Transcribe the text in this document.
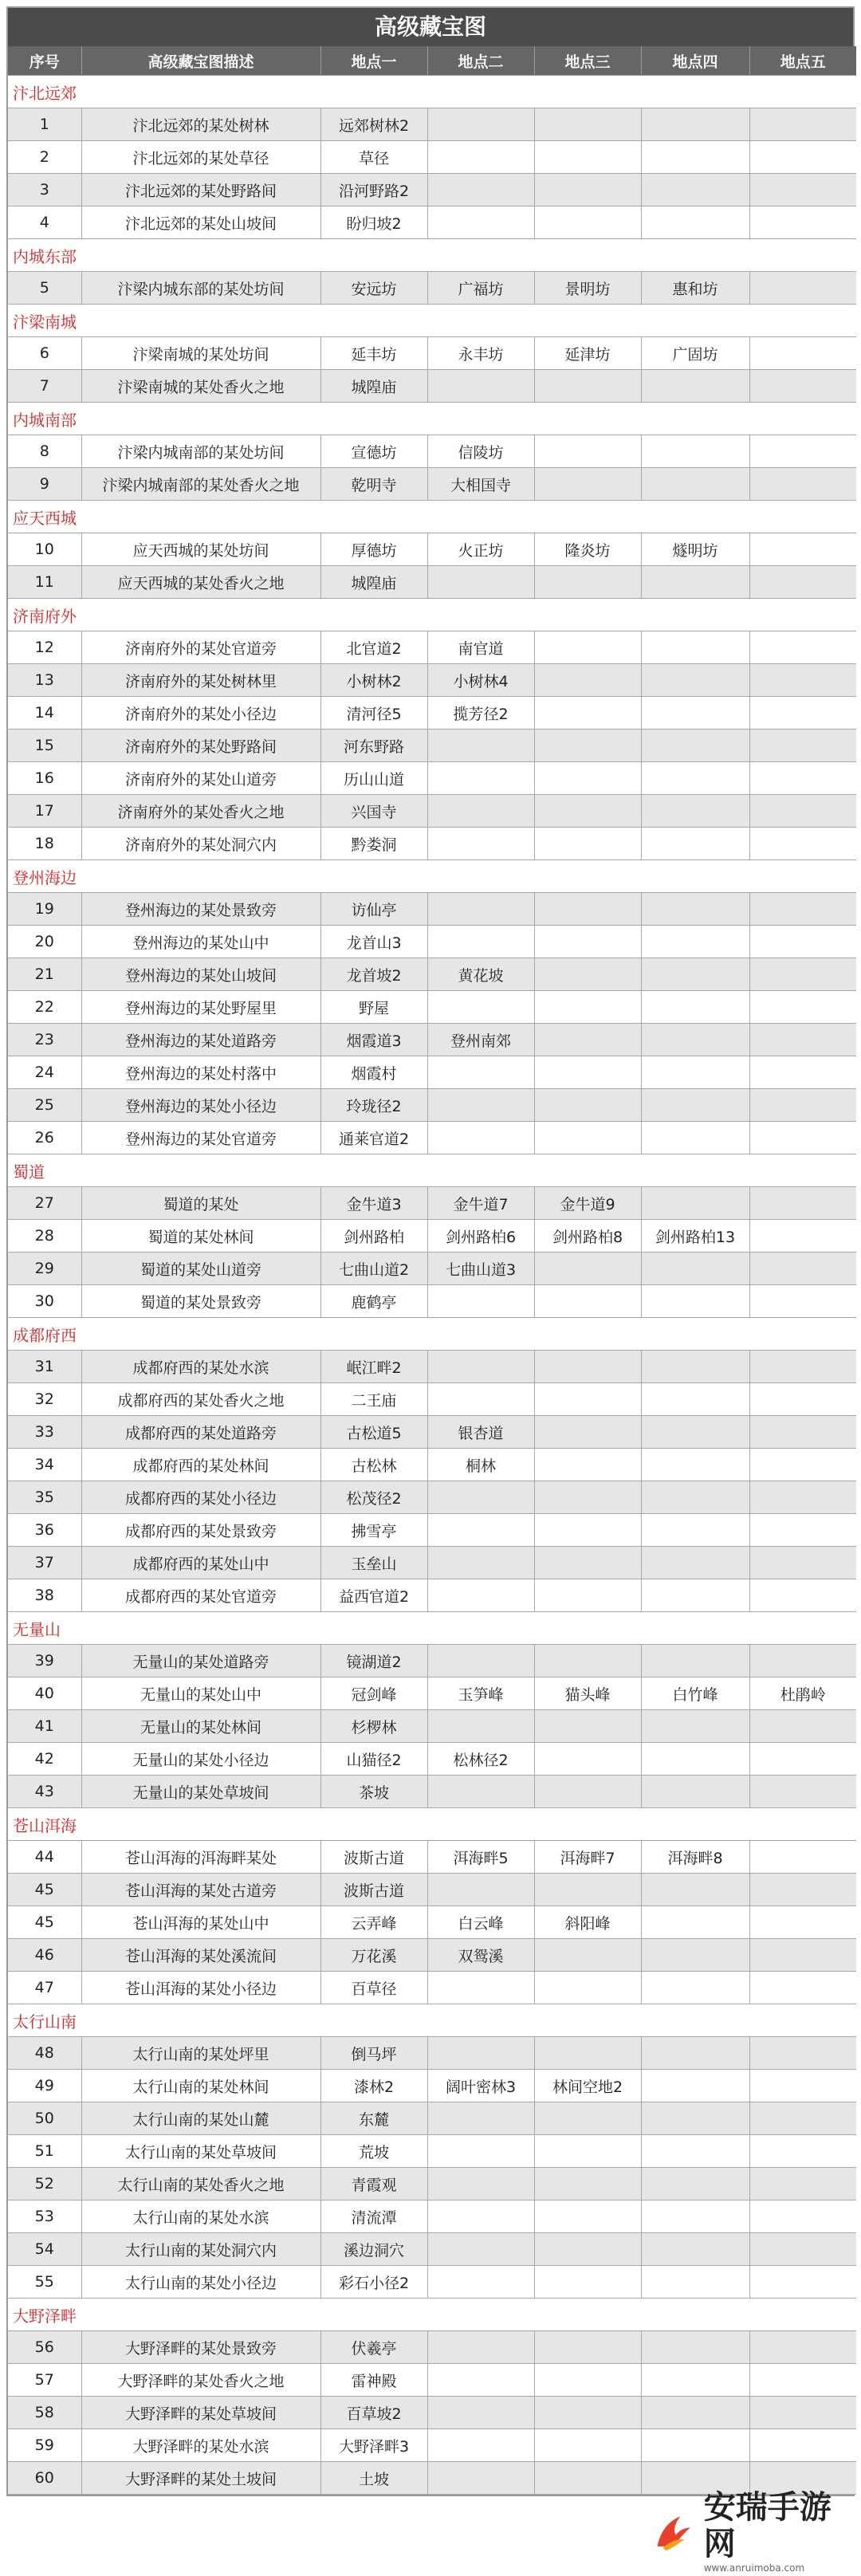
高级藏宝图
序号	高级藏宝图描述	地点一	地点二	地点三	地点四	地点五
汴北远郊						
1	汴北远郊的某处树林	远郊树林2				
2	汴北远郊的某处草径	草径				
3	汴北远郊的某处野路间	沿河野路2				
4	汴北远郊的某处山坡间	盼归坡2				
内城东部						
5	汴梁内城东部的某处坊间	安远坊	广福坊	景明坊	惠和坊	
汴梁南城						
6	汴梁南城的某处坊间	延丰坊	永丰坊	延津坊	广固坊	
7	汴梁南城的某处香火之地	城隍庙				
内城南部						
8	汴梁内城南部的某处坊间	宣德坊	信陵坊			
9	汴梁内城南部的某处香火之地	乾明寺	大相国寺			
应天西城						
10	应天西城的某处坊间	厚德坊	火正坊	隆炎坊	燧明坊	
11	应天西城的某处香火之地	城隍庙				
济南府外						
12	济南府外的某处官道旁	北官道2	南官道			
13	济南府外的某处树林里	小树林2	小树林4			
14	济南府外的某处小径边	清河径5	揽芳径2			
15	济南府外的某处野路间	河东野路				
16	济南府外的某处山道旁	历山山道				
17	济南府外的某处香火之地	兴国寺				
18	济南府外的某处洞穴内	黔娄洞				
登州海边						
19	登州海边的某处景致旁	访仙亭				
20	登州海边的某处山中	龙首山3				
21	登州海边的某处山坡间	龙首坡2	黄花坡			
22	登州海边的某处野屋里	野屋				
23	登州海边的某处道路旁	烟霞道3	登州南郊			
24	登州海边的某处村落中	烟霞村				
25	登州海边的某处小径边	玲珑径2				
26	登州海边的某处官道旁	通莱官道2				
蜀道						
27	蜀道的某处	金牛道3	金牛道7	金牛道9		
28	蜀道的某处林间	剑州路柏	剑州路柏6	剑州路柏8	剑州路柏13	
29	蜀道的某处山道旁	七曲山道2	七曲山道3			
30	蜀道的某处景致旁	鹿鹤亭				
成都府西						
31	成都府西的某处水滨	岷江畔2				
32	成都府西的某处香火之地	二王庙				
33	成都府西的某处道路旁	古松道5	银杏道			
34	成都府西的某处林间	古松林	桐林			
35	成都府西的某处小径边	松茂径2				
36	成都府西的某处景致旁	拂雪亭				
37	成都府西的某处山中	玉垒山				
38	成都府西的某处官道旁	益西官道2				
无量山						
39	无量山的某处道路旁	镜湖道2				
40	无量山的某处山中	冠剑峰	玉笋峰	猫头峰	白竹峰	杜鹃岭
41	无量山的某处林间	杉椤林				
42	无量山的某处小径边	山猫径2	松林径2			
43	无量山的某处草坡间	茶坡				
苍山洱海						
44	苍山洱海的洱海畔某处	波斯古道	洱海畔5	洱海畔7	洱海畔8	
45	苍山洱海的某处古道旁	波斯古道				
45	苍山洱海的某处山中	云弄峰	白云峰	斜阳峰		
46	苍山洱海的某处溪流间	万花溪	双鸳溪			
47	苍山洱海的某处小径边	百草径				
太行山南						
48	太行山南的某处坪里	倒马坪				
49	太行山南的某处林间	漆林2	阔叶密林3	林间空地2		
50	太行山南的某处山麓	东麓				
51	太行山南的某处草坡间	荒坡				
52	太行山南的某处香火之地	青霞观				
53	太行山南的某处水滨	清流潭				
54	太行山南的某处洞穴内	溪边洞穴				
55	太行山南的某处小径边	彩石小径2				
大野泽畔						
56	大野泽畔的某处景致旁	伏羲亭				
57	大野泽畔的某处香火之地	雷神殿				
58	大野泽畔的某处草坡间	百草坡2				
59	大野泽畔的某处水滨	大野泽畔3				
60	大野泽畔的某处土坡间	土坡				
安瑞手游网
www.anruimoba.com
